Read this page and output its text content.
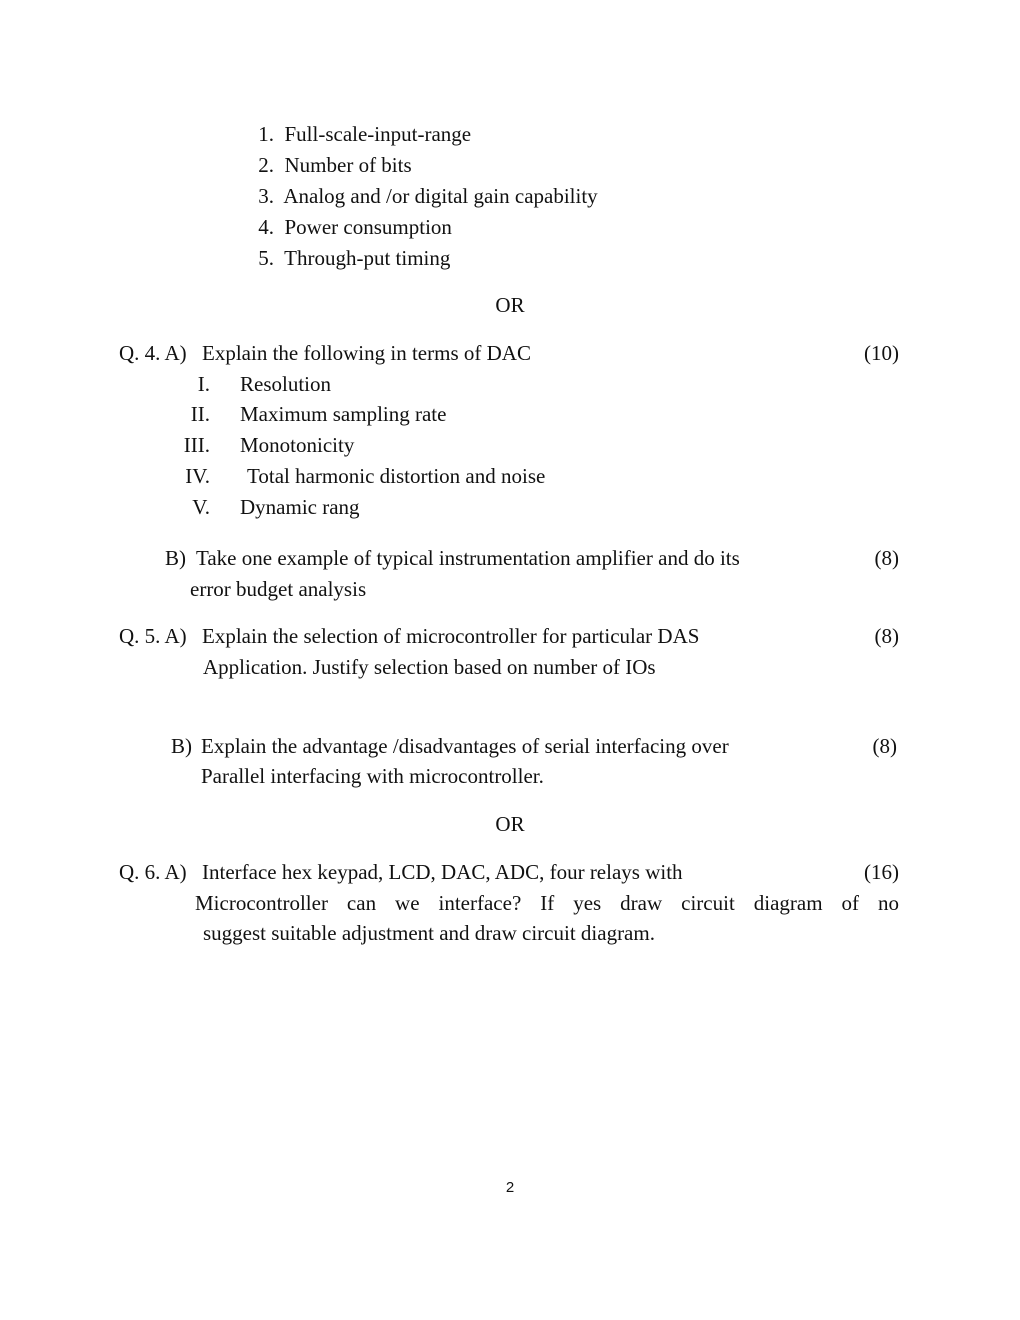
1. Full-scale-input-range
2. Number of bits
3. Analog and /or digital gain capability
4. Power consumption
5. Through-put timing
OR
Q. 4. A) Explain the following in terms of DAC	(10)
I. Resolution
II. Maximum sampling rate
III. Monotonicity
IV. Total harmonic distortion and noise
V. Dynamic rang
B) Take one example of typical instrumentation amplifier and do its
error budget analysis
(8)
Q. 5. A) Explain the selection of microcontroller for particular DAS
Application. Justify selection based on number of IOs
(8)
B) Explain the advantage /disadvantages of serial interfacing over
Parallel interfacing with microcontroller.
(8)
OR
Q. 6. A) Interface hex keypad, LCD, DAC, ADC, four relays with	(16)
Microcontroller can we interface? If yes draw circuit diagram of no
suggest suitable adjustment and draw circuit diagram.
2
